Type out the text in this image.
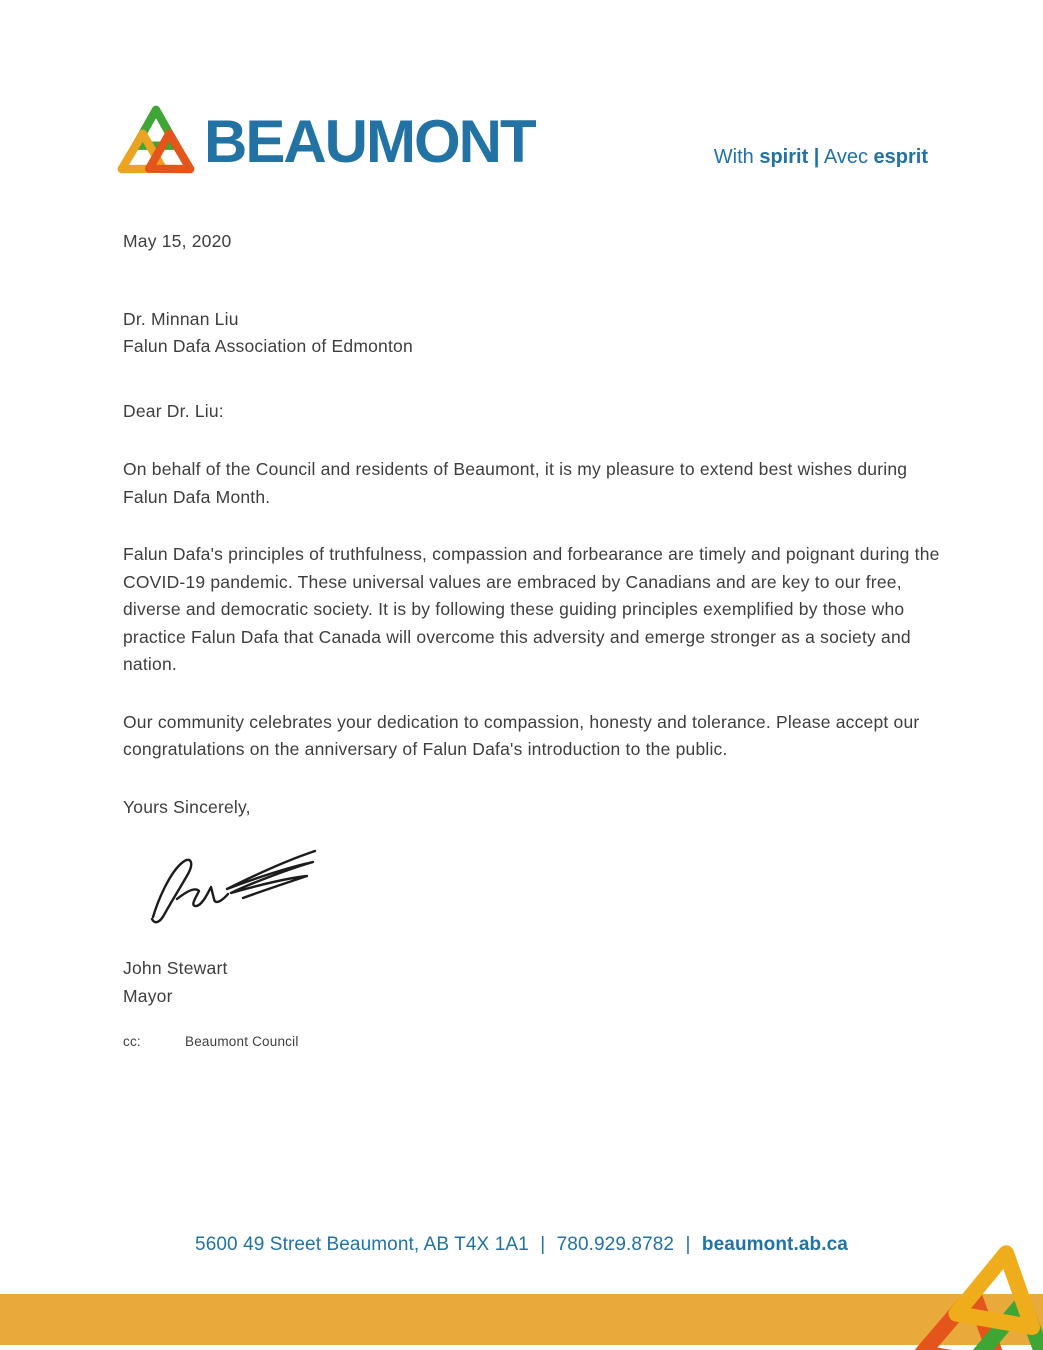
BEAUMONT	With spirit | Avec esprit

May 15, 2020

Dr. Minnan Liu

Falun Dafa Association of Edmonton

Dear Dr. Liu:

On behalf of the Council and residents of Beaumont, it is my pleasure to extend best wishes during Falun Dafa Month.

Falun Dafa's principles of truthfulness, compassion and forbearance are timely and poignant during the COVID-19 pandemic. These universal values are embraced by Canadians and are key to our free, diverse and democratic society. It is by following these guiding principles exemplified by those who practice Falun Dafa that Canada will overcome this adversity and emerge stronger as a society and nation.

Our community celebrates your dedication to compassion, honesty and tolerance. Please accept our congratulations on the anniversary of Falun Dafa's introduction to the public.

Yours Sincerely,

John Stewart

Mayor

cc:	Beaumont Council

5600 49 Street Beaumont, AB T4X 1A1 | 780.929.8782 | beaumont.ab.ca
